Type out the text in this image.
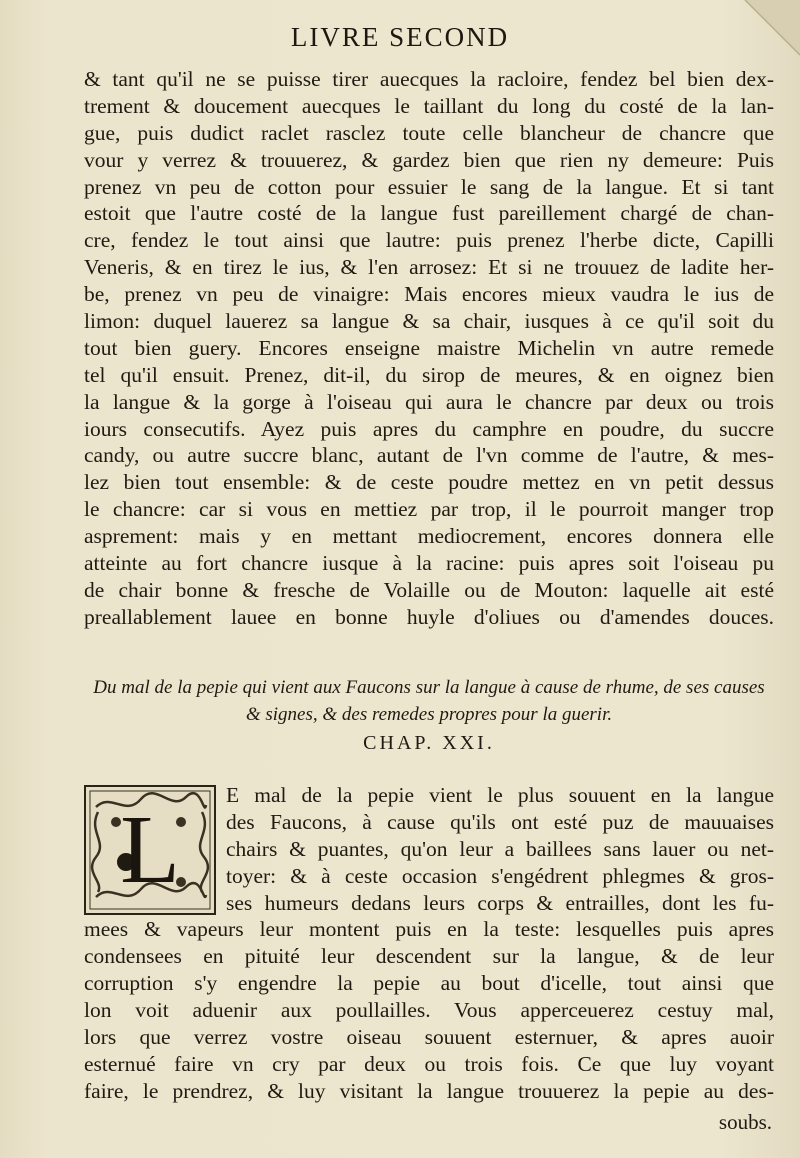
LIVRE SECOND
& tant qu'il ne se puisse tirer auecques la racloire, fendez bel bien dex-
trement & doucement auecques le taillant du long du costé de la lan-
gue, puis dudict raclet rasclez toute celle blancheur de chancre que
vour y verrez & trouuerez, & gardez bien que rien ny demeure: Puis
prenez vn peu de cotton pour essuier le sang de la langue. Et si tant
estoit que l'autre costé de la langue fust pareillement chargé de chan-
cre, fendez le tout ainsi que lautre: puis prenez l'herbe dicte, Capilli
Veneris, & en tirez le ius, & l'en arrosez: Et si ne trouuez de ladite her-
be, prenez vn peu de vinaigre: Mais encores mieux vaudra le ius de
limon: duquel lauerez sa langue & sa chair, iusques à ce qu'il soit du
tout bien guery. Encores enseigne maistre Michelin vn autre remede
tel qu'il ensuit. Prenez, dit-il, du sirop de meures, & en oignez bien
la langue & la gorge à l'oiseau qui aura le chancre par deux ou trois
iours consecutifs. Ayez puis apres du camphre en poudre, du succre
candy, ou autre succre blanc, autant de l'vn comme de l'autre, & mes-
lez bien tout ensemble: & de ceste poudre mettez en vn petit dessus
le chancre: car si vous en mettiez par trop, il le pourroit manger trop
asprement: mais y en mettant mediocrement, encores donnera elle
atteinte au fort chancre iusque à la racine: puis apres soit l'oiseau pu
de chair bonne & fresche de Volaille ou de Mouton: laquelle ait esté
preallablement lauee en bonne huyle d'oliues ou d'amendes douces.
Du mal de la pepie qui vient aux Faucons sur la langue à cause de rhume, de ses causes
& signes, & des remedes propres pour la guerir.
CHAP. XXI.
L
E mal de la pepie vient le plus souuent en la langue
des Faucons, à cause qu'ils ont esté puz de mauuaises
chairs & puantes, qu'on leur a baillees sans lauer ou net-
toyer: & à ceste occasion s'engédrent phlegmes & gros-
ses humeurs dedans leurs corps & entrailles, dont les fu-
mees & vapeurs leur montent puis en la teste: lesquelles puis apres
condensees en pituité leur descendent sur la langue, & de leur
corruption s'y engendre la pepie au bout d'icelle, tout ainsi que
lon voit aduenir aux poullailles. Vous apperceuerez cestuy mal,
lors que verrez vostre oiseau souuent esternuer, & apres auoir
esternué faire vn cry par deux ou trois fois. Ce que luy voyant
faire, le prendrez, & luy visitant la langue trouuerez la pepie au des-
soubs.
